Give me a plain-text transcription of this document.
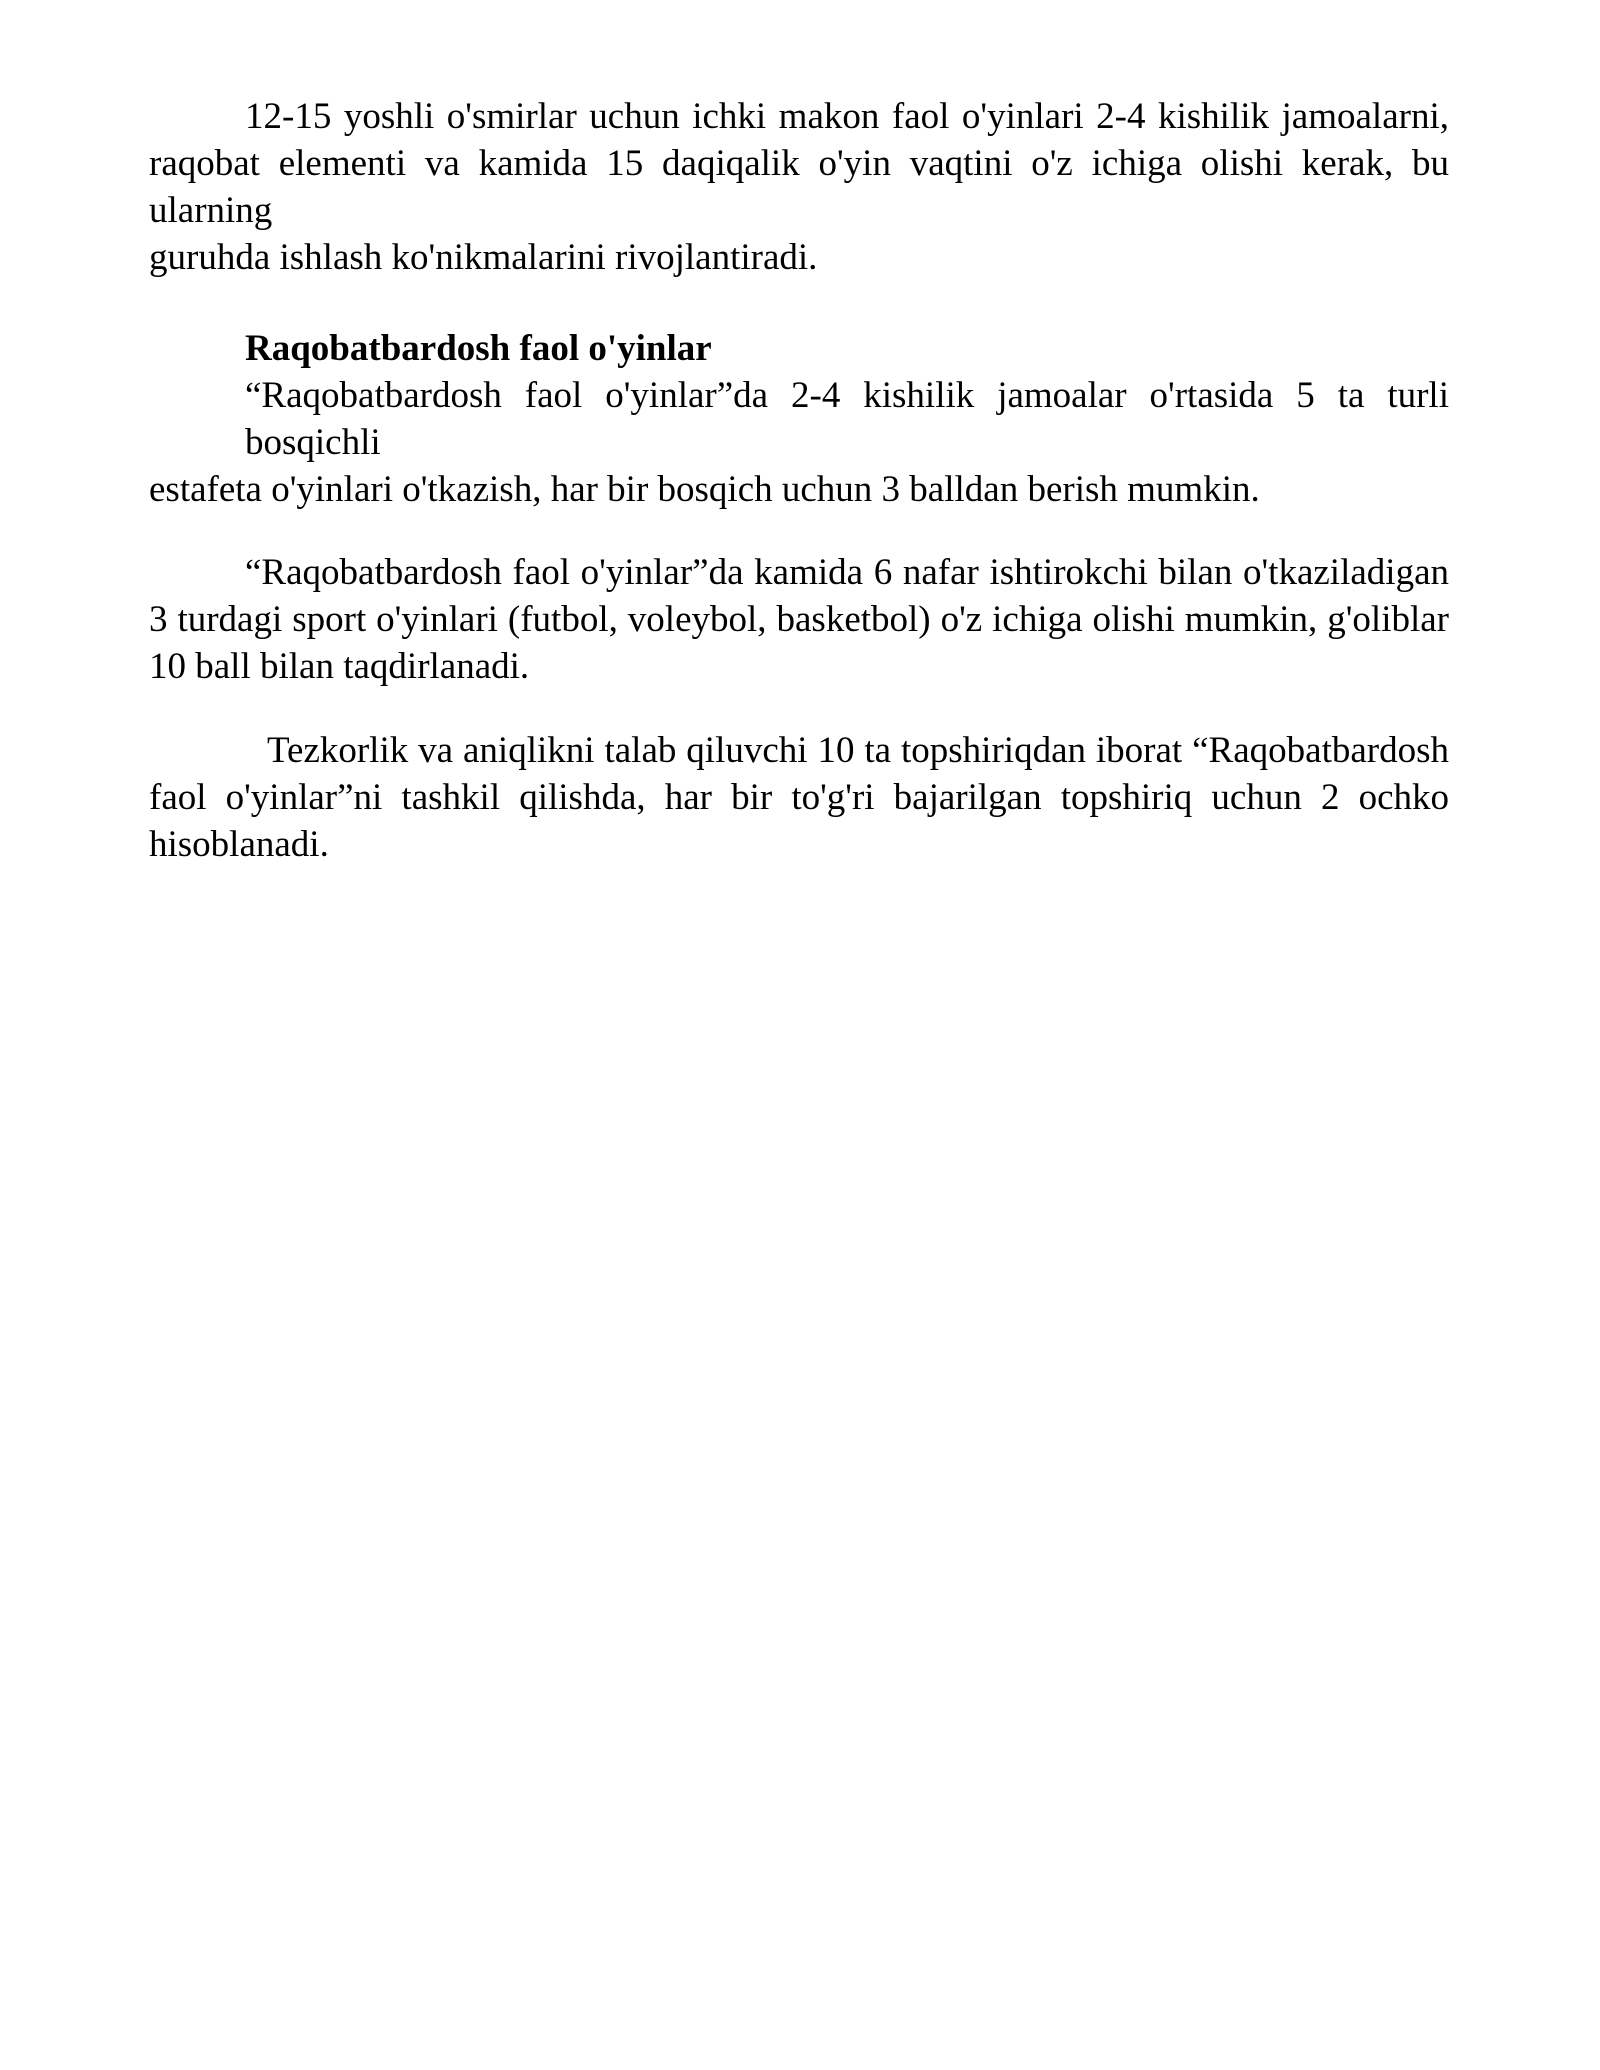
12-15 yoshli o'smirlar uchun ichki makon faol o'yinlari 2-4 kishilik jamoalarni,
raqobat elementi va kamida 15 daqiqalik o'yin vaqtini o'z ichiga olishi kerak, bu ularning
guruhda ishlash ko'nikmalarini rivojlantiradi.

Raqobatbardosh faol o'yinlar

“Raqobatbardosh faol o'yinlar”da 2-4 kishilik jamoalar o'rtasida 5 ta turli bosqichli
estafeta o'yinlari o'tkazish, har bir bosqich uchun 3 balldan berish mumkin.

“Raqobatbardosh faol o'yinlar”da kamida 6 nafar ishtirokchi bilan o'tkaziladigan
3 turdagi sport o'yinlari (futbol, voleybol, basketbol) o'z ichiga olishi mumkin, g'oliblar
10 ball bilan taqdirlanadi.

Tezkorlik va aniqlikni talab qiluvchi 10 ta topshiriqdan iborat “Raqobatbardosh
faol o'yinlar”ni tashkil qilishda, har bir to'g'ri bajarilgan topshiriq uchun 2 ochko
hisoblanadi.
